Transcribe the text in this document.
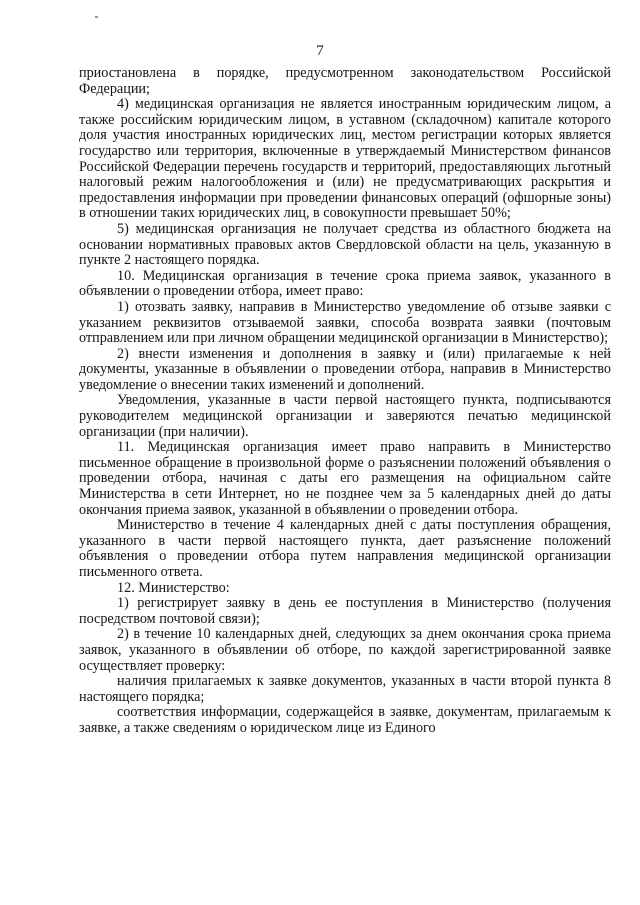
7

приостановлена в порядке, предусмотренном законодательством Российской Федерации;

4) медицинская организация не является иностранным юридическим лицом, а также российским юридическим лицом, в уставном (складочном) капитале которого доля участия иностранных юридических лиц, местом регистрации которых является государство или территория, включенные в утверждаемый Министерством финансов Российской Федерации перечень государств и территорий, предоставляющих льготный налоговый режим налогообложения и (или) не предусматривающих раскрытия и предоставления информации при проведении финансовых операций (офшорные зоны) в отношении таких юридических лиц, в совокупности превышает 50%;

5) медицинская организация не получает средства из областного бюджета на основании нормативных правовых актов Свердловской области на цель, указанную в пункте 2 настоящего порядка.

10. Медицинская организация в течение срока приема заявок, указанного в объявлении о проведении отбора, имеет право:

1) отозвать заявку, направив в Министерство уведомление об отзыве заявки с указанием реквизитов отзываемой заявки, способа возврата заявки (почтовым отправлением или при личном обращении медицинской организации в Министерство);

2) внести изменения и дополнения в заявку и (или) прилагаемые к ней документы, указанные в объявлении о проведении отбора, направив в Министерство уведомление о внесении таких изменений и дополнений.

Уведомления, указанные в части первой настоящего пункта, подписываются руководителем медицинской организации и заверяются печатью медицинской организации (при наличии).

11. Медицинская организация имеет право направить в Министерство письменное обращение в произвольной форме о разъяснении положений объявления о проведении отбора, начиная с даты его размещения на официальном сайте Министерства в сети Интернет, но не позднее чем за 5 календарных дней до даты окончания приема заявок, указанной в объявлении о проведении отбора.

Министерство в течение 4 календарных дней с даты поступления обращения, указанного в части первой настоящего пункта, дает разъяснение положений объявления о проведении отбора путем направления медицинской организации письменного ответа.

12. Министерство:

1) регистрирует заявку в день ее поступления в Министерство (получения посредством почтовой связи);

2) в течение 10 календарных дней, следующих за днем окончания срока приема заявок, указанного в объявлении об отборе, по каждой зарегистрированной заявке осуществляет проверку:

наличия прилагаемых к заявке документов, указанных в части второй пункта 8 настоящего порядка;

соответствия информации, содержащейся в заявке, документам, прилагаемым к заявке, а также сведениям о юридическом лице из Единого
